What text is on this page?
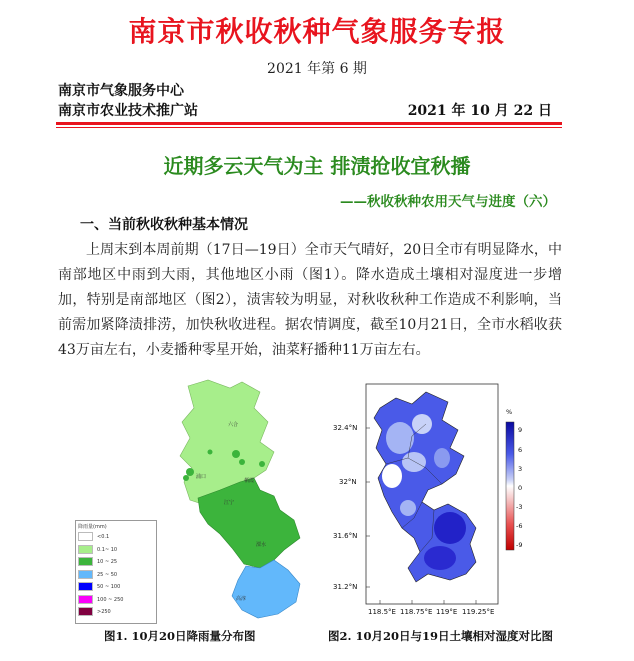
南京市秋收秋种气象服务专报
2021 年第 6 期
南京市气象服务中心
南京市农业技术推广站	2021 年 10 月 22 日
近期多云天气为主 排渍抢收宜秋播
——秋收秋种农用天气与进度（六）
一、当前秋收秋种基本情况
上周末到本周前期（17日—19日）全市天气晴好，20日全市有明显降水，中南部地区中雨到大雨，其他地区小雨（图1）。降水造成土壤相对湿度进一步增加，特别是南部地区（图2），渍害较为明显，对秋收秋种工作造成不利影响，当前需加紧降渍排涝，加快秋收进程。据农情调度，截至10月21日，全市水稻收获43万亩左右，小麦播种零星开始，油菜籽播种11万亩左右。
六合
浦口
栖霞
江宁
溧水
高淳
降雨量(mm)
<0.1
0.1~ 10
10 ~ 25
25 ~ 50
50 ~ 100
100 ~ 250
>250
图1. 10月20日降雨量分布图
32.4°N
32°N
31.6°N
31.2°N
118.5°E 118.75°E 119°E 119.25°E
%
9
6
3
0
-3
-6
-9
图2. 10月20日与19日土壤相对湿度对比图
